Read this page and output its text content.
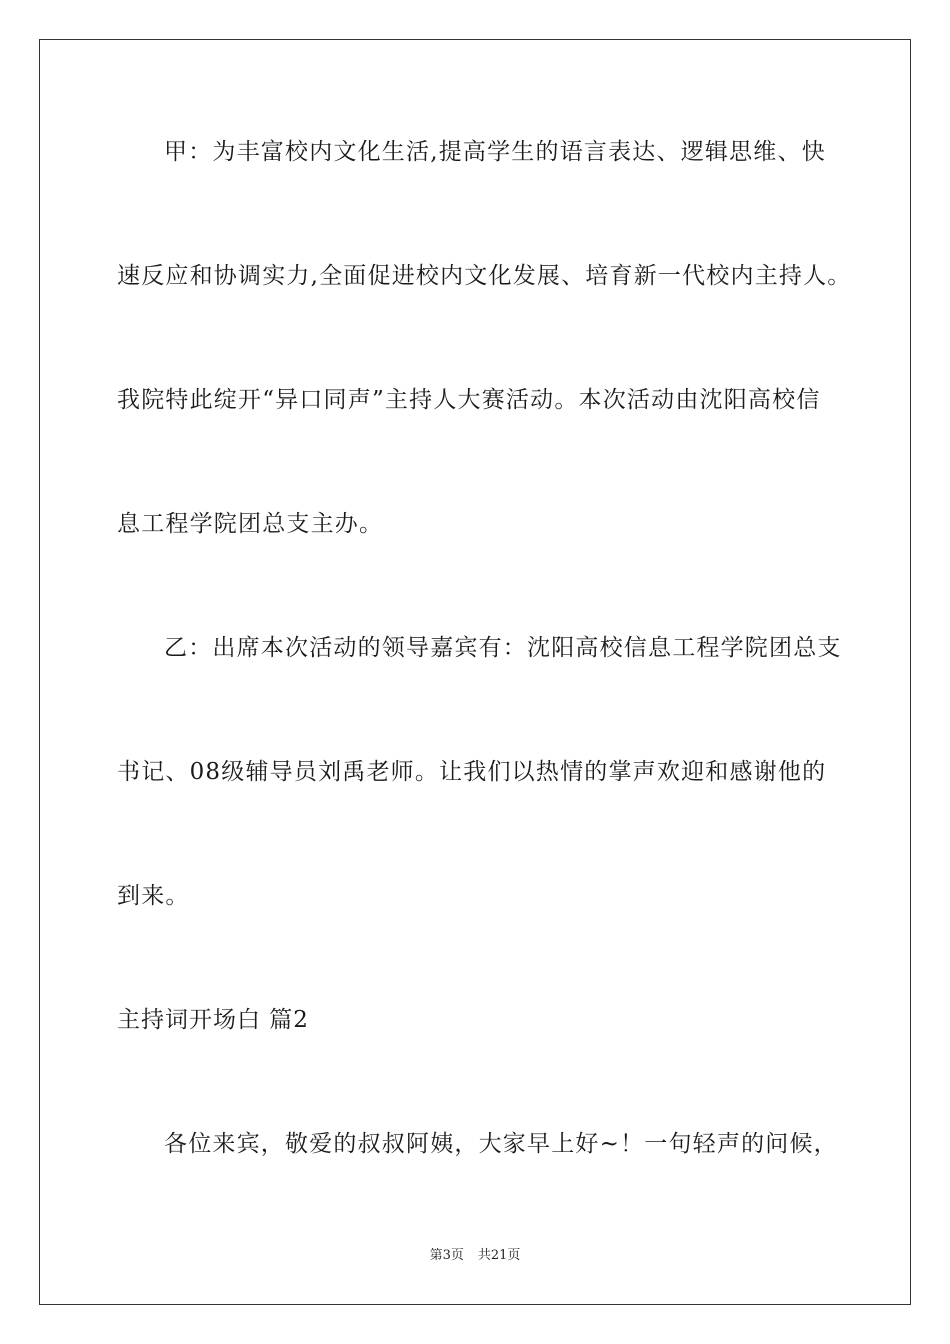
甲：为丰富校内文化生活,提高学生的语言表达、逻辑思维、快
速反应和协调实力,全面促进校内文化发展、培育新一代校内主持人。
我院特此绽开“异口同声”主持人大赛活动。本次活动由沈阳高校信
息工程学院团总支主办。
乙：出席本次活动的领导嘉宾有：沈阳高校信息工程学院团总支
书记、08级辅导员刘禹老师。让我们以热情的掌声欢迎和感谢他的
到来。
主持词开场白 篇2
各位来宾，敬爱的叔叔阿姨，大家早上好~！一句轻声的问候，
第3页 共21页
